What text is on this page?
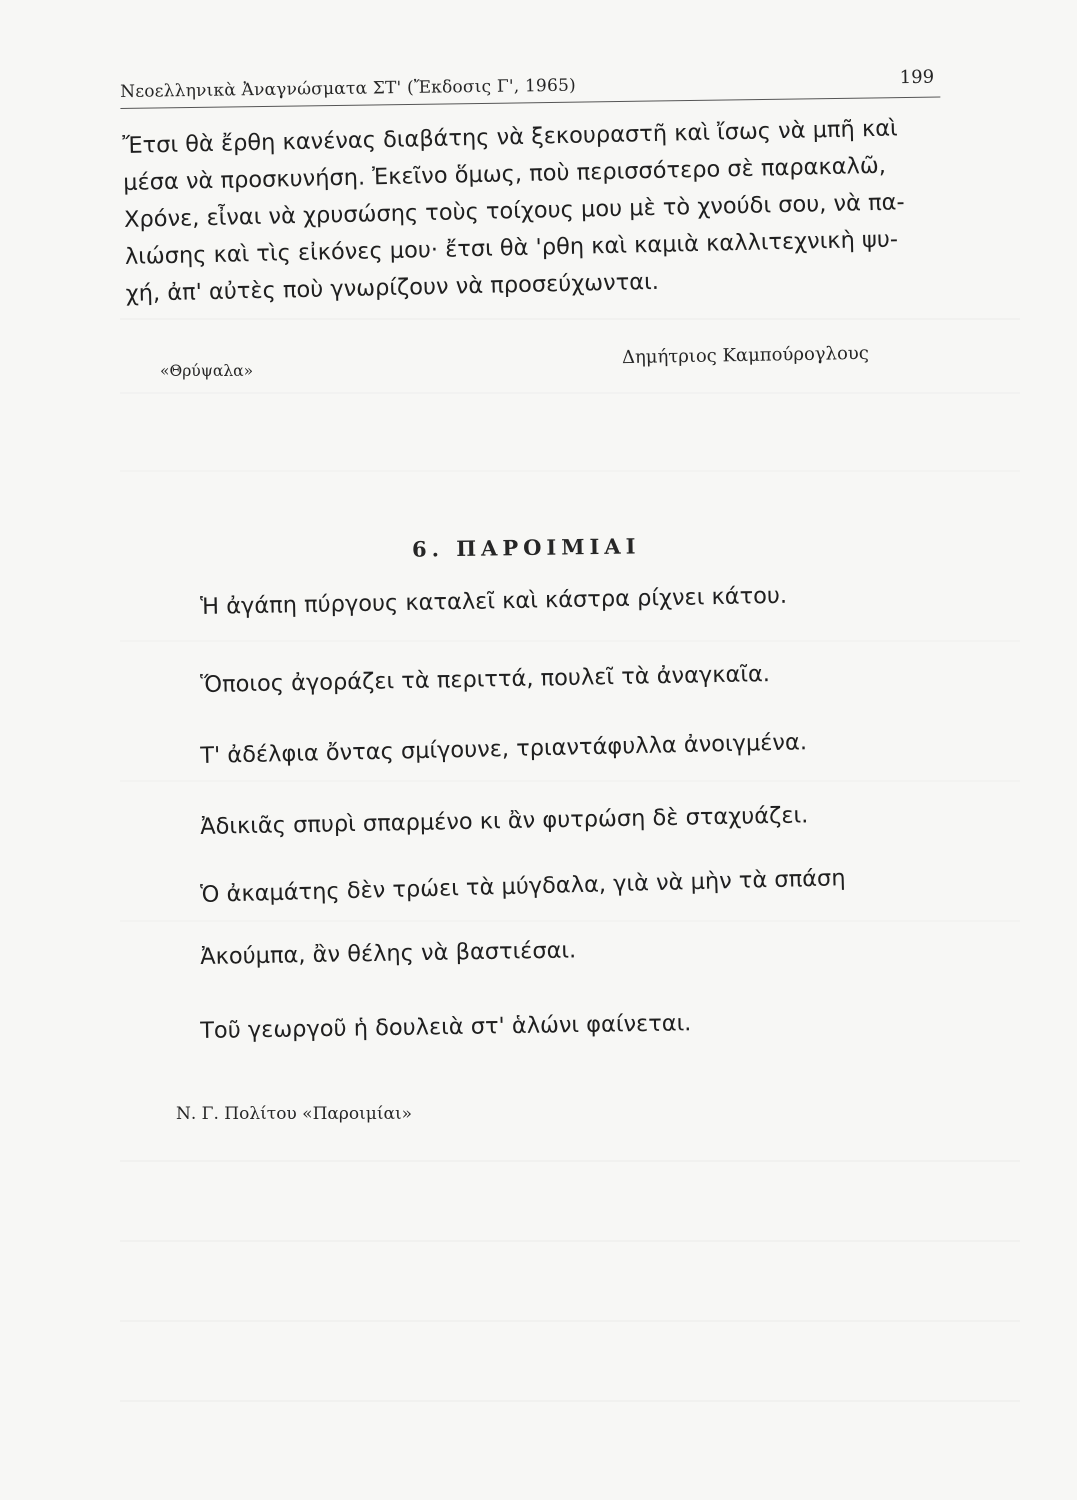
Νεοελληνικὰ Ἀναγνώσματα ΣΤ' (Ἔκδοσις Γ', 1965)	199
Ἔτσι θὰ ἔρθη κανένας διαβάτης νὰ ξεκουραστῆ καὶ ἴσως νὰ μπῆ καὶ
μέσα νὰ προσκυνήση. Ἐκεῖνο ὅμως, ποὺ περισσότερο σὲ παρακαλῶ,
Χρόνε, εἶναι νὰ χρυσώσης τοὺς τοίχους μου μὲ τὸ χνούδι σου, νὰ πα-
λιώσης καὶ τὶς εἰκόνες μου· ἔτσι θὰ 'ρθη καὶ καμιὰ καλλιτεχνικὴ ψυ-
χή, ἀπ' αὐτὲς ποὺ γνωρίζουν νὰ προσεύχωνται.
«Θρύψαλα»
Δημήτριος Καμπούρογλους
6. ΠΑΡΟΙΜΙΑΙ
Ἡ ἀγάπη πύργους καταλεῖ καὶ κάστρα ρίχνει κάτου.
Ὅποιος ἀγοράζει τὰ περιττά, πουλεῖ τὰ ἀναγκαῖα.
Τ' ἀδέλφια ὄντας σμίγουνε, τριαντάφυλλα ἀνοιγμένα.
Ἀδικιᾶς σπυρὶ σπαρμένο κι ἂν φυτρώση δὲ σταχυάζει.
Ὁ ἀκαμάτης δὲν τρώει τὰ μύγδαλα, γιὰ νὰ μὴν τὰ σπάση
Ἀκούμπα, ἂν θέλης νὰ βαστιέσαι.
Τοῦ γεωργοῦ ἡ δουλειὰ στ' ἁλώνι φαίνεται.
Ν. Γ. Πολίτου «Παροιμίαι»
